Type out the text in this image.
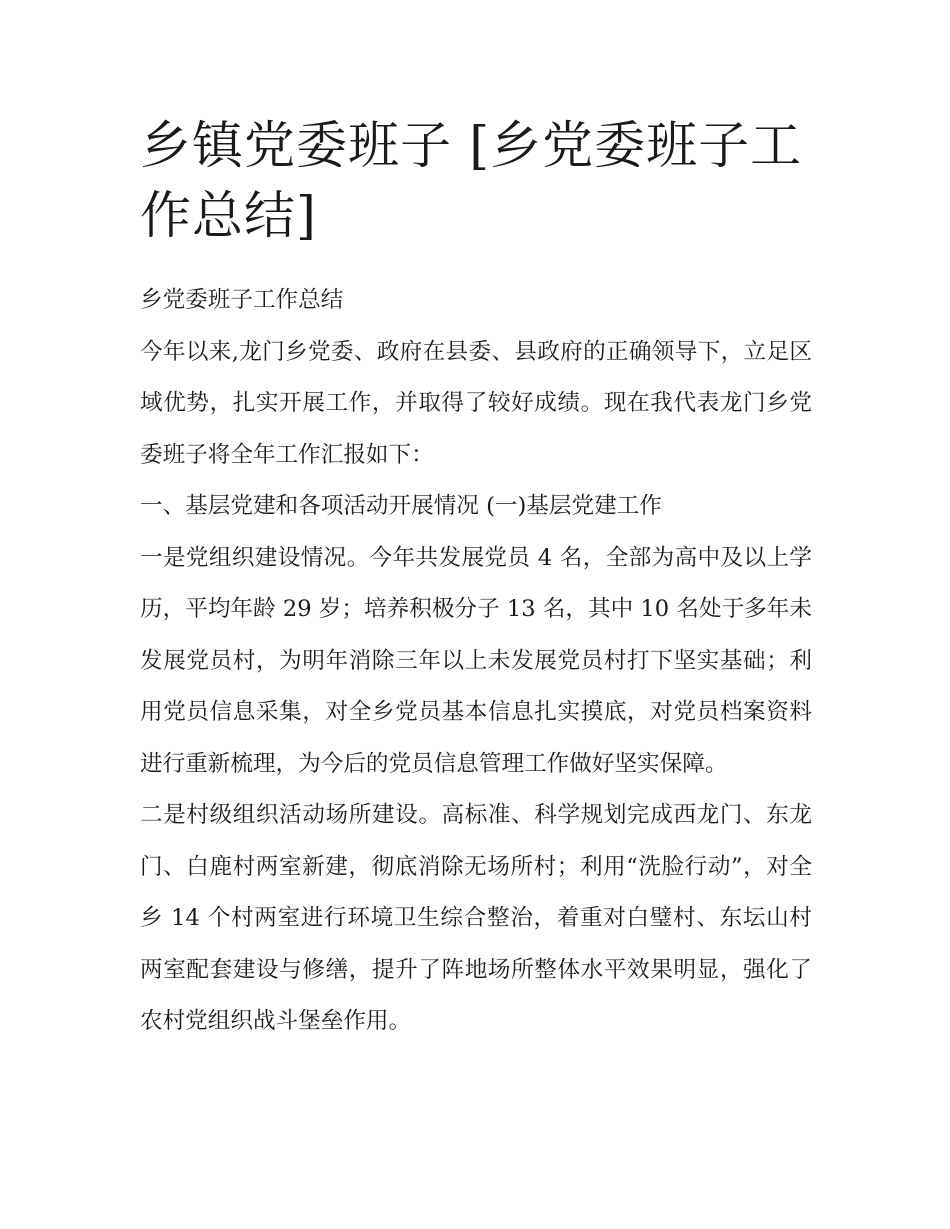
乡镇党委班子 [乡党委班子工作总结]

乡党委班子工作总结

今年以来,龙门乡党委、政府在县委、县政府的正确领导下，立足区域优势，扎实开展工作，并取得了较好成绩。现在我代表龙门乡党委班子将全年工作汇报如下：

一、基层党建和各项活动开展情况 (一)基层党建工作

一是党组织建设情况。今年共发展党员 4 名，全部为高中及以上学历，平均年龄 29 岁；培养积极分子 13 名，其中 10 名处于多年未发展党员村，为明年消除三年以上未发展党员村打下坚实基础；利用党员信息采集，对全乡党员基本信息扎实摸底，对党员档案资料进行重新梳理，为今后的党员信息管理工作做好坚实保障。

二是村级组织活动场所建设。高标准、科学规划完成西龙门、东龙门、白鹿村两室新建，彻底消除无场所村；利用“洗脸行动”，对全乡 14 个村两室进行环境卫生综合整治，着重对白璧村、东坛山村两室配套建设与修缮，提升了阵地场所整体水平效果明显，强化了农村党组织战斗堡垒作用。
